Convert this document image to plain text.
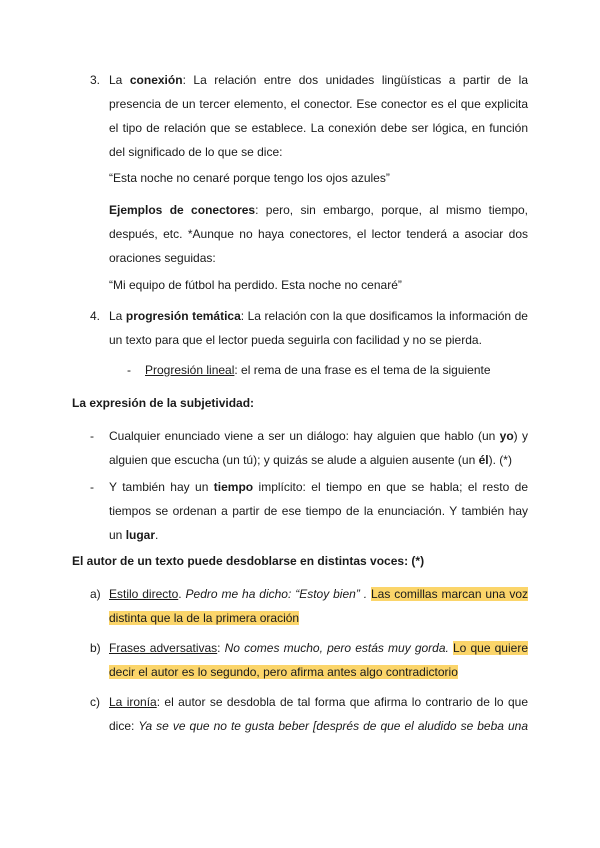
3. La conexión: La relación entre dos unidades lingüísticas a partir de la presencia de un tercer elemento, el conector. Ese conector es el que explicita el tipo de relación que se establece. La conexión debe ser lógica, en función del significado de lo que se dice:

“Esta noche no cenaré porque tengo los ojos azules”

Ejemplos de conectores: pero, sin embargo, porque, al mismo tiempo, después, etc. *Aunque no haya conectores, el lector tenderá a asociar dos oraciones seguidas:

“Mi equipo de fútbol ha perdido. Esta noche no cenaré”

4. La progresión temática: La relación con la que dosificamos la información de un texto para que el lector pueda seguirla con facilidad y no se pierda.

- Progresión lineal: el rema de una frase es el tema de la siguiente

La expresión de la subjetividad:
- Cualquier enunciado viene a ser un diálogo: hay alguien que hablo (un yo) y alguien que escucha (un tú); y quizás se alude a alguien ausente (un él). (*)

- Y también hay un tiempo implícito: el tiempo en que se habla; el resto de tiempos se ordenan a partir de ese tiempo de la enunciación. Y también hay un lugar.

El autor de un texto puede desdoblarse en distintas voces: (*)
a) Estilo directo. Pedro me ha dicho: “Estoy bien” . Las comillas marcan una voz distinta que la de la primera oración

b) Frases adversativas: No comes mucho, pero estás muy gorda. Lo que quiere decir el autor es lo segundo, pero afirma antes algo contradictorio

c) La ironía: el autor se desdobla de tal forma que afirma lo contrario de lo que dice: Ya se ve que no te gusta beber [després de que el aludido se beba una
